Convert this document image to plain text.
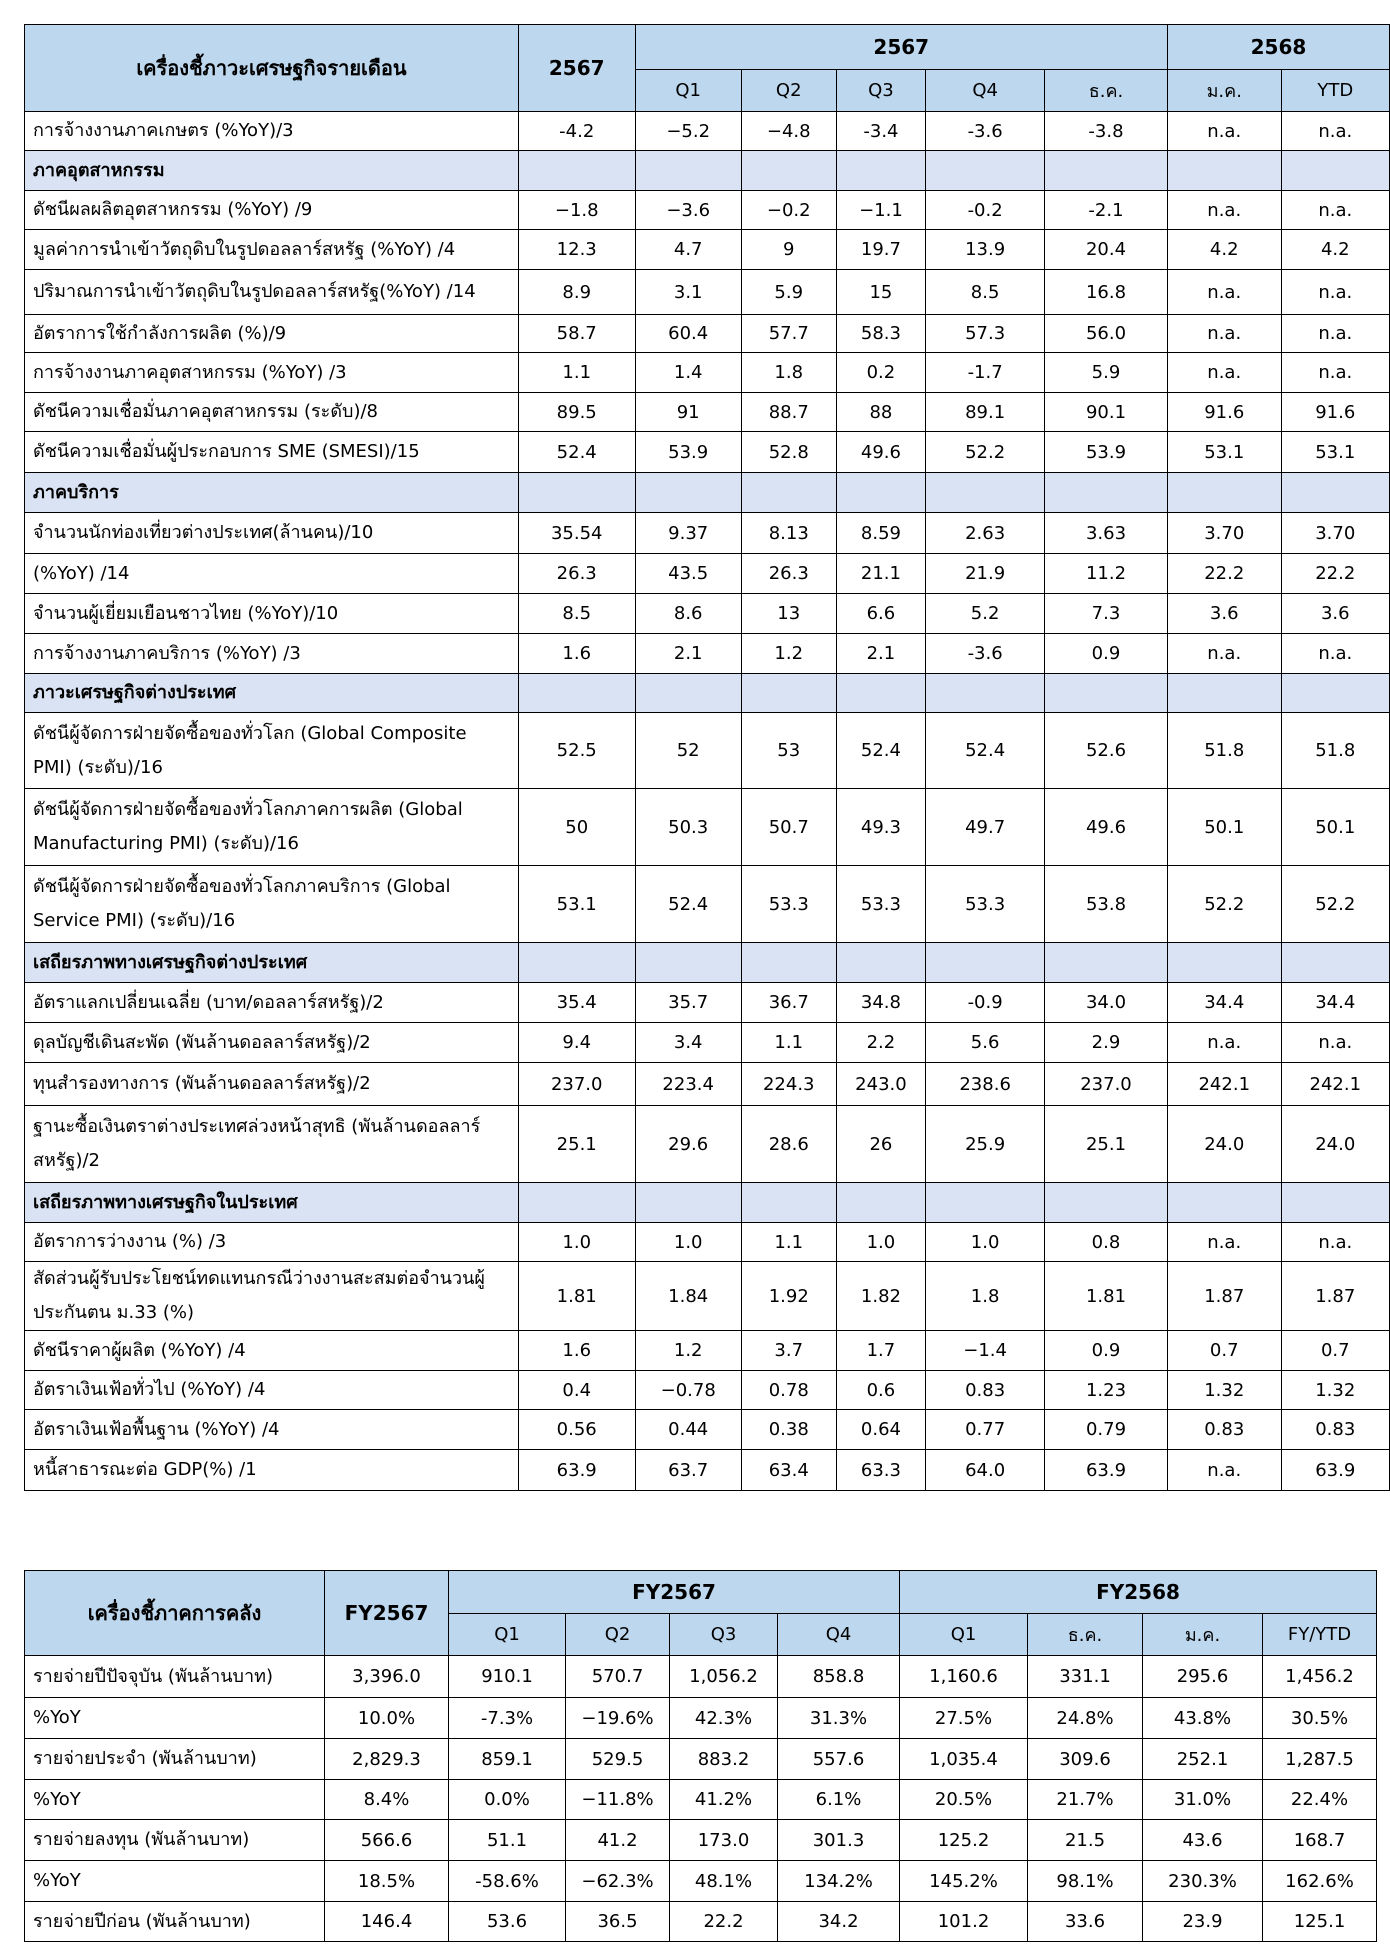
เครื่องชี้ภาวะเศรษฐกิจรายเดือน	2567	2567					2568	
		Q1	Q2	Q3	Q4	ธ.ค.	ม.ค.	YTD
การจ้างงานภาคเกษตร (%YoY)/3	-4.2	−5.2	−4.8	-3.4	-3.6	-3.8	n.a.	n.a.
ภาคอุตสาหกรรม								
ดัชนีผลผลิตอุตสาหกรรม (%YoY) /9	−1.8	−3.6	−0.2	−1.1	-0.2	-2.1	n.a.	n.a.
มูลค่าการนำเข้าวัตถุดิบในรูปดอลลาร์สหรัฐ (%YoY) /4	12.3	4.7	9	19.7	13.9	20.4	4.2	4.2
ปริมาณการนำเข้าวัตถุดิบในรูปดอลลาร์สหรัฐ(%YoY) /14	8.9	3.1	5.9	15	8.5	16.8	n.a.	n.a.
อัตราการใช้กำลังการผลิต (%)/9	58.7	60.4	57.7	58.3	57.3	56.0	n.a.	n.a.
การจ้างงานภาคอุตสาหกรรม (%YoY) /3	1.1	1.4	1.8	0.2	-1.7	5.9	n.a.	n.a.
ดัชนีความเชื่อมั่นภาคอุตสาหกรรม (ระดับ)/8	89.5	91	88.7	88	89.1	90.1	91.6	91.6
ดัชนีความเชื่อมั่นผู้ประกอบการ SME (SMESI)/15	52.4	53.9	52.8	49.6	52.2	53.9	53.1	53.1
ภาคบริการ								
จำนวนนักท่องเที่ยวต่างประเทศ(ล้านคน)/10	35.54	9.37	8.13	8.59	2.63	3.63	3.70	3.70
(%YoY) /14	26.3	43.5	26.3	21.1	21.9	11.2	22.2	22.2
จำนวนผู้เยี่ยมเยือนชาวไทย (%YoY)/10	8.5	8.6	13	6.6	5.2	7.3	3.6	3.6
การจ้างงานภาคบริการ (%YoY) /3	1.6	2.1	1.2	2.1	-3.6	0.9	n.a.	n.a.
ภาวะเศรษฐกิจต่างประเทศ								
ดัชนีผู้จัดการฝ่ายจัดซื้อของทั่วโลก (Global Composite PMI) (ระดับ)/16	52.5	52	53	52.4	52.4	52.6	51.8	51.8
ดัชนีผู้จัดการฝ่ายจัดซื้อของทั่วโลกภาคการผลิต (Global Manufacturing PMI) (ระดับ)/16	50	50.3	50.7	49.3	49.7	49.6	50.1	50.1
ดัชนีผู้จัดการฝ่ายจัดซื้อของทั่วโลกภาคบริการ (Global Service PMI) (ระดับ)/16	53.1	52.4	53.3	53.3	53.3	53.8	52.2	52.2
เสถียรภาพทางเศรษฐกิจต่างประเทศ								
อัตราแลกเปลี่ยนเฉลี่ย (บาท/ดอลลาร์สหรัฐ)/2	35.4	35.7	36.7	34.8	-0.9	34.0	34.4	34.4
ดุลบัญชีเดินสะพัด (พันล้านดอลลาร์สหรัฐ)/2	9.4	3.4	1.1	2.2	5.6	2.9	n.a.	n.a.
ทุนสำรองทางการ (พันล้านดอลลาร์สหรัฐ)/2	237.0	223.4	224.3	243.0	238.6	237.0	242.1	242.1
ฐานะซื้อเงินตราต่างประเทศล่วงหน้าสุทธิ (พันล้านดอลลาร์สหรัฐ)/2	25.1	29.6	28.6	26	25.9	25.1	24.0	24.0
เสถียรภาพทางเศรษฐกิจในประเทศ								
อัตราการว่างงาน (%) /3	1.0	1.0	1.1	1.0	1.0	0.8	n.a.	n.a.
สัดส่วนผู้รับประโยชน์ทดแทนกรณีว่างงานสะสมต่อจำนวนผู้ประกันตน ม.33 (%)	1.81	1.84	1.92	1.82	1.8	1.81	1.87	1.87
ดัชนีราคาผู้ผลิต (%YoY) /4	1.6	1.2	3.7	1.7	−1.4	0.9	0.7	0.7
อัตราเงินเฟ้อทั่วไป (%YoY) /4	0.4	−0.78	0.78	0.6	0.83	1.23	1.32	1.32
อัตราเงินเฟ้อพื้นฐาน (%YoY) /4	0.56	0.44	0.38	0.64	0.77	0.79	0.83	0.83
หนี้สาธารณะต่อ GDP(%) /1	63.9	63.7	63.4	63.3	64.0	63.9	n.a.	63.9
เครื่องชี้ภาคการคลัง	FY2567	FY2567				FY2568			
		Q1	Q2	Q3	Q4	Q1	ธ.ค.	ม.ค.	FY/YTD
รายจ่ายปีปัจจุบัน (พันล้านบาท)	3,396.0	910.1	570.7	1,056.2	858.8	1,160.6	331.1	295.6	1,456.2
%YoY	10.0%	-7.3%	−19.6%	42.3%	31.3%	27.5%	24.8%	43.8%	30.5%
รายจ่ายประจำ (พันล้านบาท)	2,829.3	859.1	529.5	883.2	557.6	1,035.4	309.6	252.1	1,287.5
%YoY	8.4%	0.0%	−11.8%	41.2%	6.1%	20.5%	21.7%	31.0%	22.4%
รายจ่ายลงทุน (พันล้านบาท)	566.6	51.1	41.2	173.0	301.3	125.2	21.5	43.6	168.7
%YoY	18.5%	-58.6%	−62.3%	48.1%	134.2%	145.2%	98.1%	230.3%	162.6%
รายจ่ายปีก่อน (พันล้านบาท)	146.4	53.6	36.5	22.2	34.2	101.2	33.6	23.9	125.1
